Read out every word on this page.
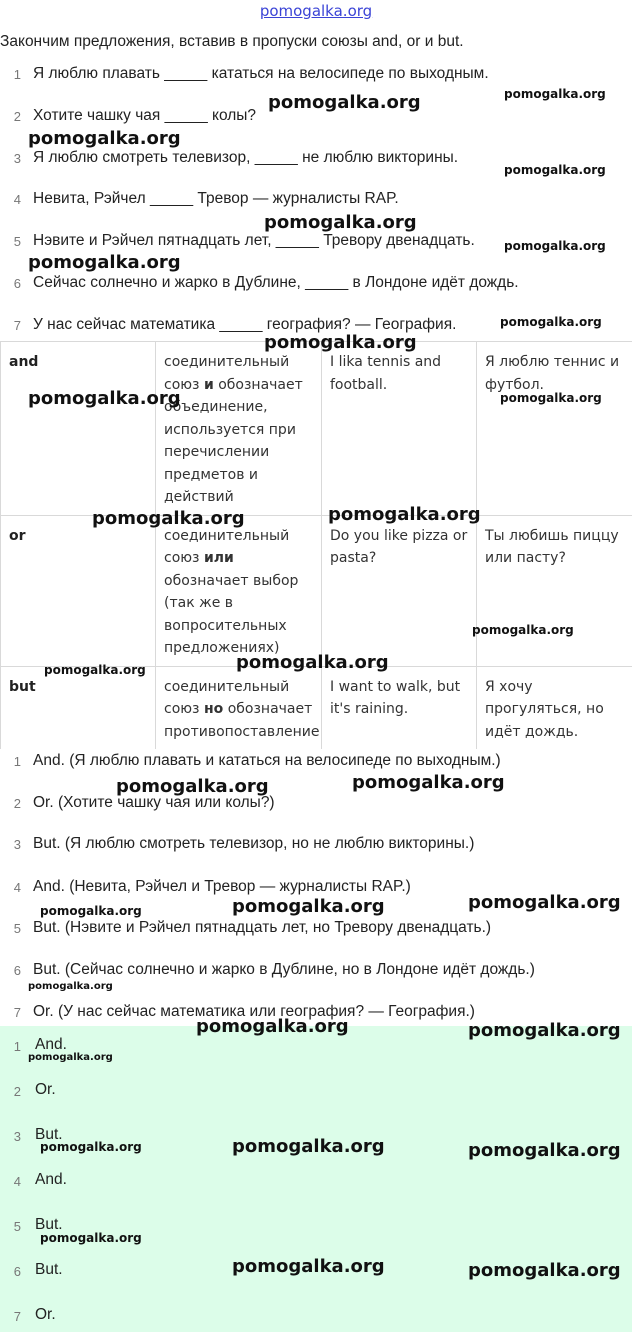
pomogalka.org
Закончим предложения, вставив в пропуски союзы and, or и but.
1 Я люблю плавать _____ кататься на велосипеде по выходным.
2 Хотите чашку чая _____ колы?
3 Я люблю смотреть телевизор, _____ не люблю викторины.
4 Невита, Рэйчел _____ Тревор — журналисты RAP.
5 Нэвите и Рэйчел пятнадцать лет, _____ Тревору двенадцать.
6 Сейчас солнечно и жарко в Дублине, _____ в Лондоне идёт дождь.
7 У нас сейчас математика _____ география? — География.
and	соединительный союз и обозначает объединение, используется при перечислении предметов и действий	I lika tennis and football.	Я люблю теннис и футбол.
or	соединительный союз или обозначает выбор (так же в вопросительных предложениях)	Do you like pizza or pasta?	Ты любишь пиццу или пасту?
but	соединительный союз но обозначает противопоставление	I want to walk, but it's raining.	Я хочу прогуляться, но идёт дождь.
1 And. (Я люблю плавать и кататься на велосипеде по выходным.)
2 Or. (Хотите чашку чая или колы?)
3 But. (Я люблю смотреть телевизор, но не люблю викторины.)
4 And. (Невита, Рэйчел и Тревор — журналисты RAP.)
5 But. (Нэвите и Рэйчел пятнадцать лет, но Тревору двенадцать.)
6 But. (Сейчас солнечно и жарко в Дублине, но в Лондоне идёт дождь.)
7 Or. (У нас сейчас математика или география? — География.)
1 And.
2 Or.
3 But.
4 And.
5 But.
6 But.
7 Or.
pomogalka.org	pomogalka.org
pomogalka.org
pomogalka.org
pomogalka.org
pomogalka.org
pomogalka.org
pomogalka.org
pomogalka.org
pomogalka.org	pomogalka.org
pomogalka.org
pomogalka.org
pomogalka.org
pomogalka.org
pomogalka.org
pomogalka.org
pomogalka.org
pomogalka.org
pomogalka.org
pomogalka.org
pomogalka.org
pomogalka.org	pomogalka.org
pomogalka.org
pomogalka.org
pomogalka.org	pomogalka.org
pomogalka.org
pomogalka.org	pomogalka.org
